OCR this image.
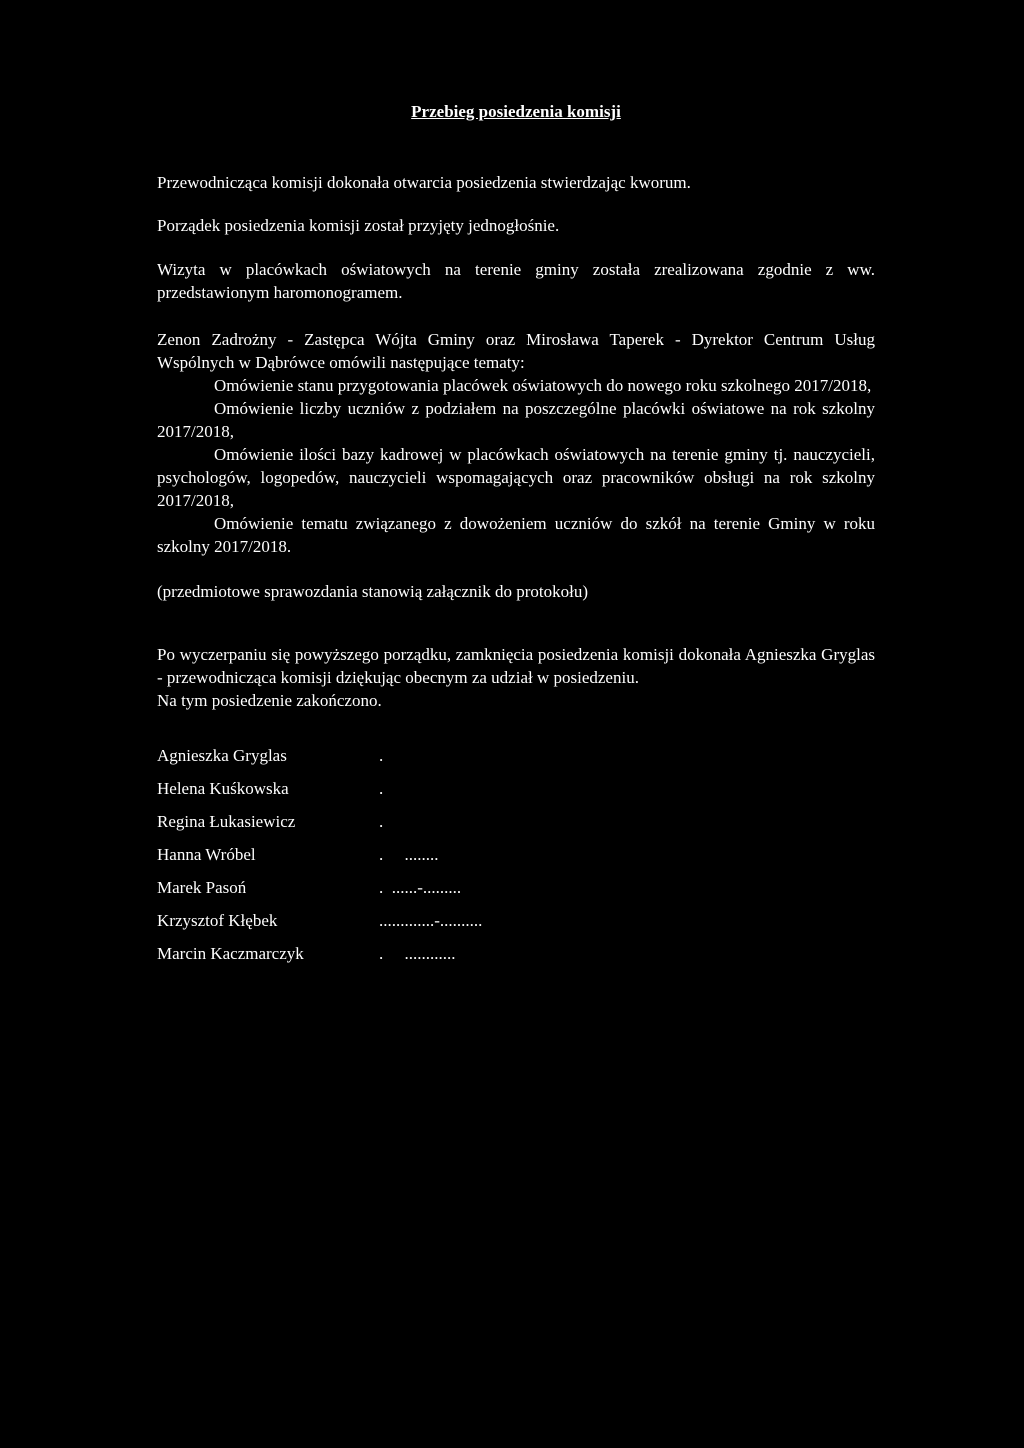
Przebieg posiedzenia komisji

Przewodnicząca komisji dokonała otwarcia posiedzenia stwierdzając kworum.

Porządek posiedzenia komisji został przyjęty jednogłośnie.

Wizyta w placówkach oświatowych na terenie gminy została zrealizowana zgodnie z ww. przedstawionym haromonogramem.

Zenon Zadrożny - Zastępca Wójta Gminy oraz Mirosława Taperek - Dyrektor Centrum Usług Wspólnych w Dąbrówce omówili następujące tematy:

Omówienie stanu przygotowania placówek oświatowych do nowego roku szkolnego 2017/2018,

Omówienie liczby uczniów z podziałem na poszczególne placówki oświatowe na rok szkolny 2017/2018,

Omówienie ilości bazy kadrowej w placówkach oświatowych na terenie gminy tj. nauczycieli, psychologów, logopedów, nauczycieli wspomagających oraz pracowników obsługi na rok szkolny 2017/2018,

Omówienie tematu związanego z dowożeniem uczniów do szkół na terenie Gminy w roku szkolny 2017/2018.

(przedmiotowe sprawozdania stanowią załącznik do protokołu)

Po wyczerpaniu się powyższego porządku, zamknięcia posiedzenia komisji dokonała Agnieszka Gryglas - przewodnicząca komisji dziękując obecnym za udział w posiedzeniu.

Na tym posiedzenie zakończono.

Agnieszka Gryglas	.
Helena Kuśkowska	.
Regina Łukasiewicz	.
Hanna Wróbel	.     ........
Marek Pasoń	.  ......-.........
Krzysztof Kłębek	.............-..........
Marcin Kaczmarczyk	.     ............
